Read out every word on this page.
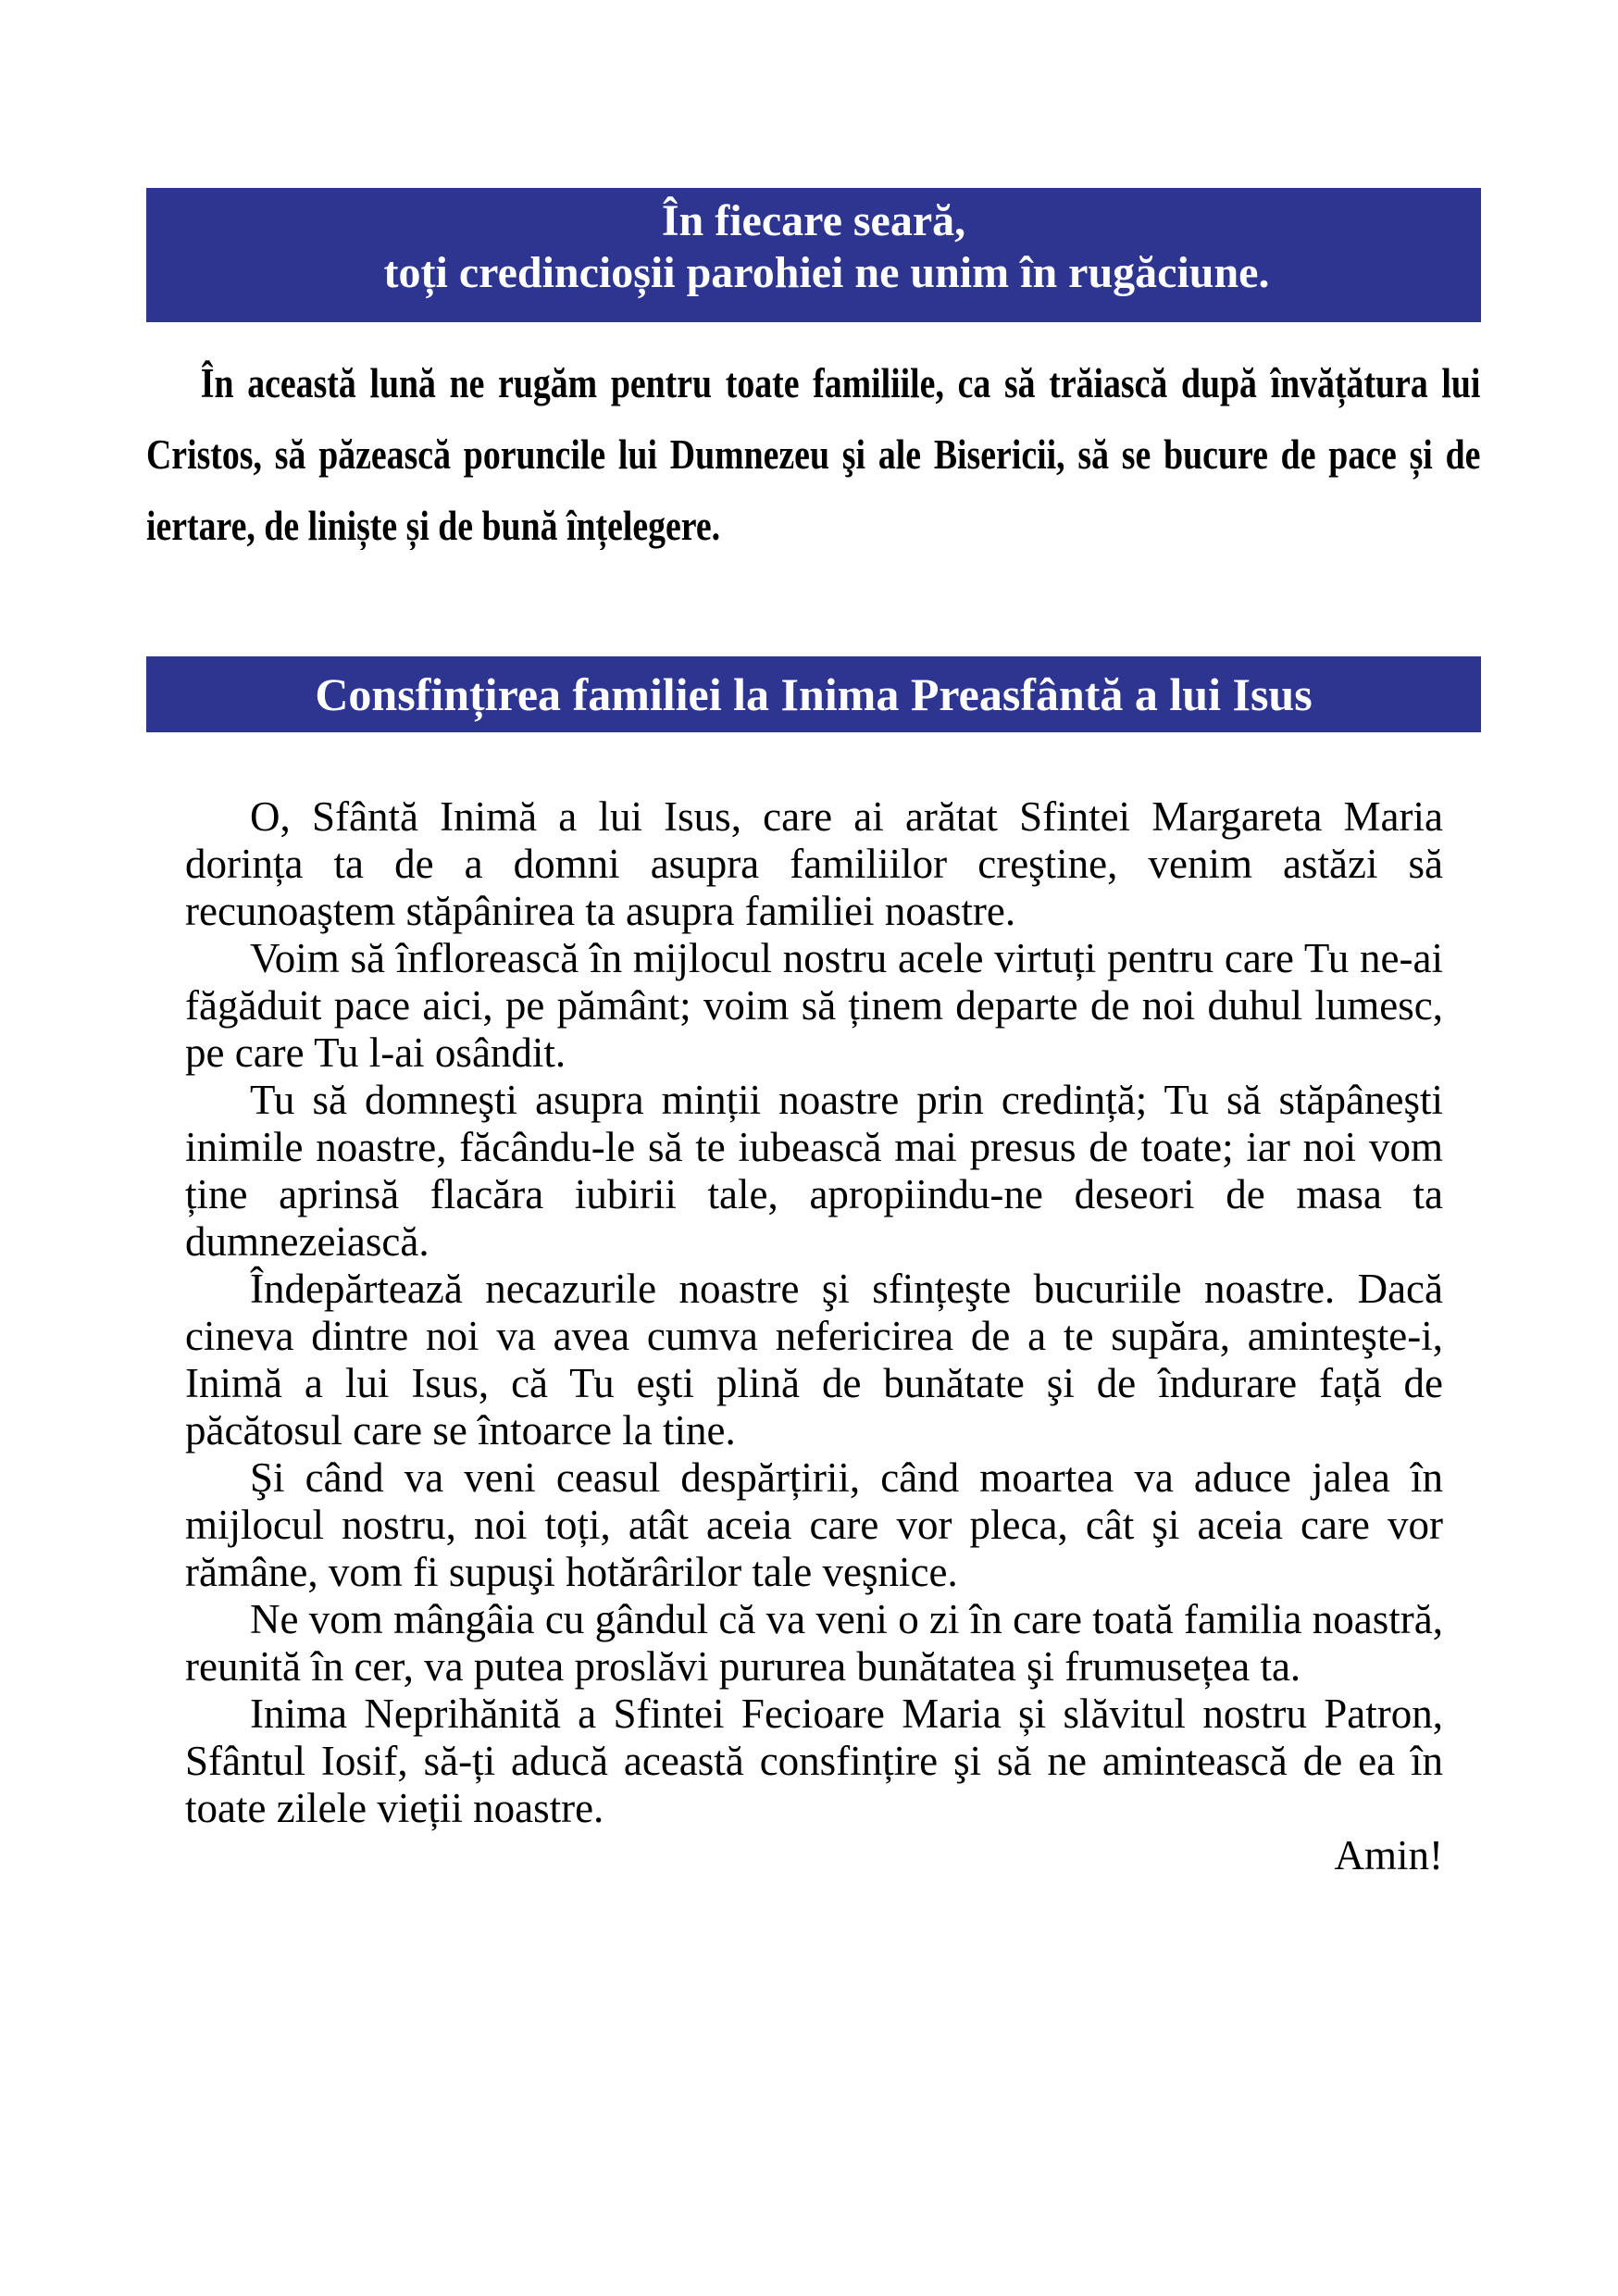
În fiecare seară,
toți credincioșii parohiei ne unim în rugăciune.

În această lună ne rugăm pentru toate familiile, ca să trăiască după învățătura lui Cristos, să păzească poruncile lui Dumnezeu şi ale Bisericii, să se bucure de pace și de iertare, de liniște și de bună înțelegere.

Consfințirea familiei la Inima Preasfântă a lui Isus

O, Sfântă Inimă a lui Isus, care ai arătat Sfintei Margareta Maria dorința ta de a domni asupra familiilor creştine, venim astăzi să recunoaştem stăpânirea ta asupra familiei noastre.

Voim să înflorească în mijlocul nostru acele virtuți pentru care Tu ne-ai făgăduit pace aici, pe pământ; voim să ținem departe de noi duhul lumesc, pe care Tu l-ai osândit.

Tu să domneşti asupra minții noastre prin credință; Tu să stăpâneşti inimile noastre, făcându-le să te iubească mai presus de toate; iar noi vom ține aprinsă flacăra iubirii tale, apropiindu-ne deseori de masa ta dumnezeiască.

Îndepărtează necazurile noastre şi sfințeşte bucuriile noastre. Dacă cineva dintre noi va avea cumva nefericirea de a te supăra, aminteşte-i, Inimă a lui Isus, că Tu eşti plină de bunătate şi de îndurare față de păcătosul care se întoarce la tine.

Şi când va veni ceasul despărțirii, când moartea va aduce jalea în mijlocul nostru, noi toți, atât aceia care vor pleca, cât şi aceia care vor rămâne, vom fi supuşi hotărârilor tale veşnice.

Ne vom mângâia cu gândul că va veni o zi în care toată familia noastră, reunită în cer, va putea proslăvi pururea bunătatea şi frumusețea ta.

Inima Neprihănită a Sfintei Fecioare Maria și slăvitul nostru Patron, Sfântul Iosif, să-ți aducă această consfințire şi să ne amintească de ea în toate zilele vieții noastre.

Amin!
